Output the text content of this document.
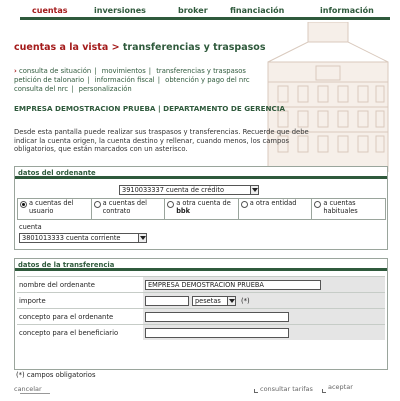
cuentas	inversiones	broker	financiación	información
cuentas a la vista > transferencias y traspasos
› consulta de situación | movimientos | transferencias y traspasos
petición de talonario | información fiscal | obtención y pago del nrc
consulta del nrc | personalización
EMPRESA DEMOSTRACION PRUEBA | DEPARTAMENTO DE GERENCIA
Desde esta pantalla puede realizar sus traspasos y transferencias. Recuerde que debe indicar la cuenta origen, la cuenta destino y rellenar, cuando menos, los campos obligatorios, que están marcados con un asterisco.
datos del ordenante
3910033337 cuenta de crédito
a cuentas del usuario
a cuentas del contrato
a otra cuenta de bbk
a otra entidad	a cuentas habituales
cuenta
3801013333 cuenta corriente
datos de la transferencia
nombre del ordenante	EMPRESA DEMOSTRACION PRUEBA
importe	pesetas	(*)
concepto para el ordenante
concepto para el beneficiario
(*) campos obligatorios
cancelar	consultar tarifas aceptar
